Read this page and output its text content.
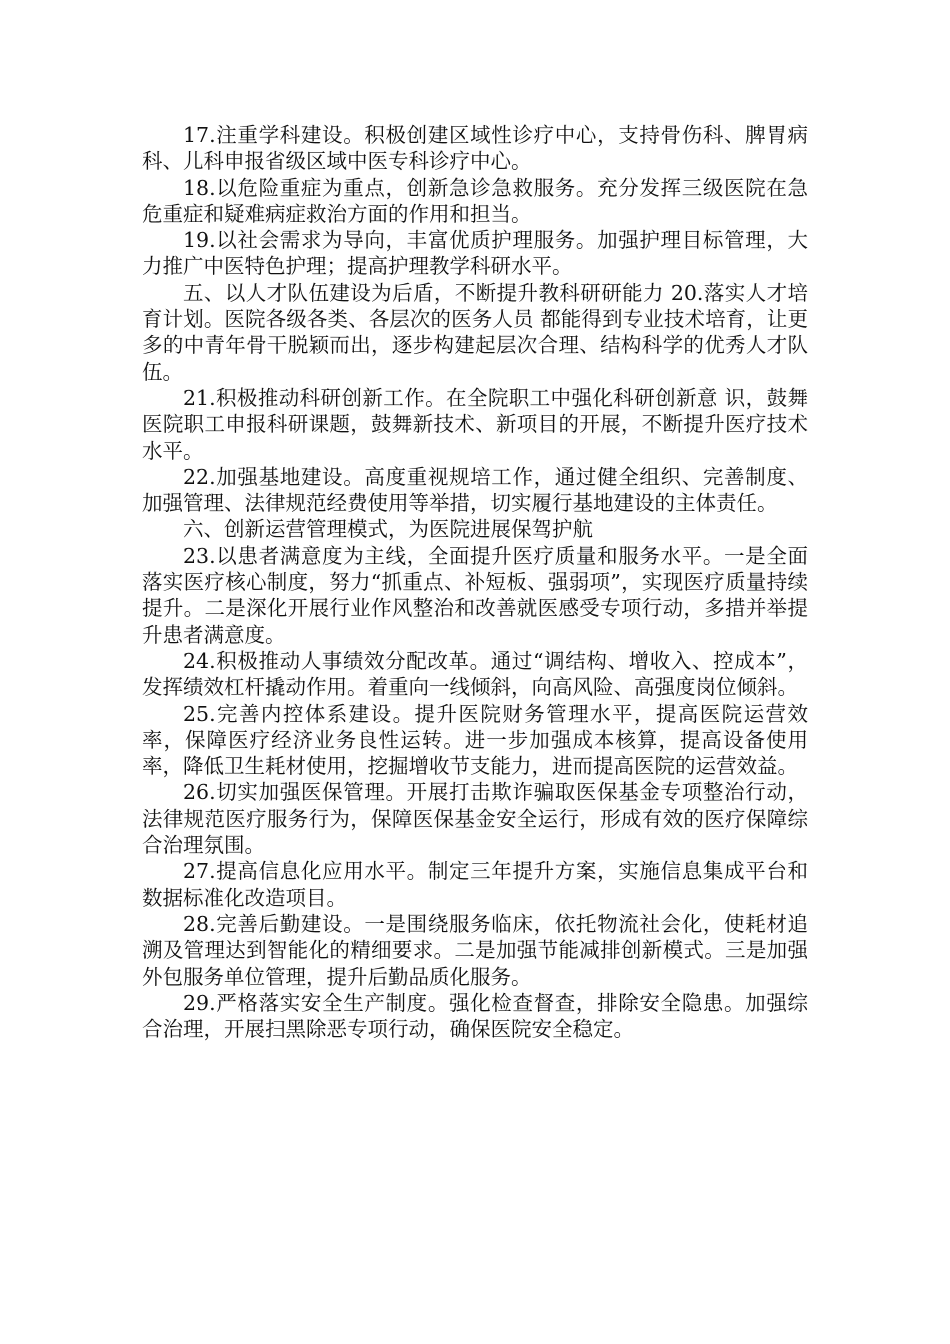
17.注重学科建设。积极创建区域性诊疗中心，支持骨伤科、脾胃病科、儿科申报省级区域中医专科诊疗中心。

18.以危险重症为重点，创新急诊急救服务。充分发挥三级医院在急危重症和疑难病症救治方面的作用和担当。

19.以社会需求为导向，丰富优质护理服务。加强护理目标管理，大力推广中医特色护理；提高护理教学科研水平。

五、以人才队伍建设为后盾，不断提升教科研研能力 20.落实人才培育计划。医院各级各类、各层次的医务人员 都能得到专业技术培育，让更多的中青年骨干脱颖而出，逐步构建起层次合理、结构科学的优秀人才队伍。

21.积极推动科研创新工作。在全院职工中强化科研创新意 识，鼓舞医院职工申报科研课题，鼓舞新技术、新项目的开展，不断提升医疗技术水平。

22.加强基地建设。高度重视规培工作，通过健全组织、完善制度、加强管理、法律规范经费使用等举措，切实履行基地建设的主体责任。

六、创新运营管理模式，为医院进展保驾护航

23.以患者满意度为主线，全面提升医疗质量和服务水平。一是全面落实医疗核心制度，努力“抓重点、补短板、强弱项”，实现医疗质量持续提升。二是深化开展行业作风整治和改善就医感受专项行动，多措并举提升患者满意度。

24.积极推动人事绩效分配改革。通过“调结构、增收入、控成本”，发挥绩效杠杆撬动作用。着重向一线倾斜，向高风险、高强度岗位倾斜。

25.完善内控体系建设。提升医院财务管理水平，提高医院运营效率，保障医疗经济业务良性运转。进一步加强成本核算，提高设备使用率，降低卫生耗材使用，挖掘增收节支能力，进而提高医院的运营效益。

26.切实加强医保管理。开展打击欺诈骗取医保基金专项整治行动，法律规范医疗服务行为，保障医保基金安全运行，形成有效的医疗保障综合治理氛围。

27.提高信息化应用水平。制定三年提升方案，实施信息集成平台和数据标准化改造项目。

28.完善后勤建设。一是围绕服务临床，依托物流社会化，使耗材追溯及管理达到智能化的精细要求。二是加强节能减排创新模式。三是加强外包服务单位管理，提升后勤品质化服务。

29.严格落实安全生产制度。强化检查督查，排除安全隐患。加强综合治理，开展扫黑除恶专项行动，确保医院安全稳定。
